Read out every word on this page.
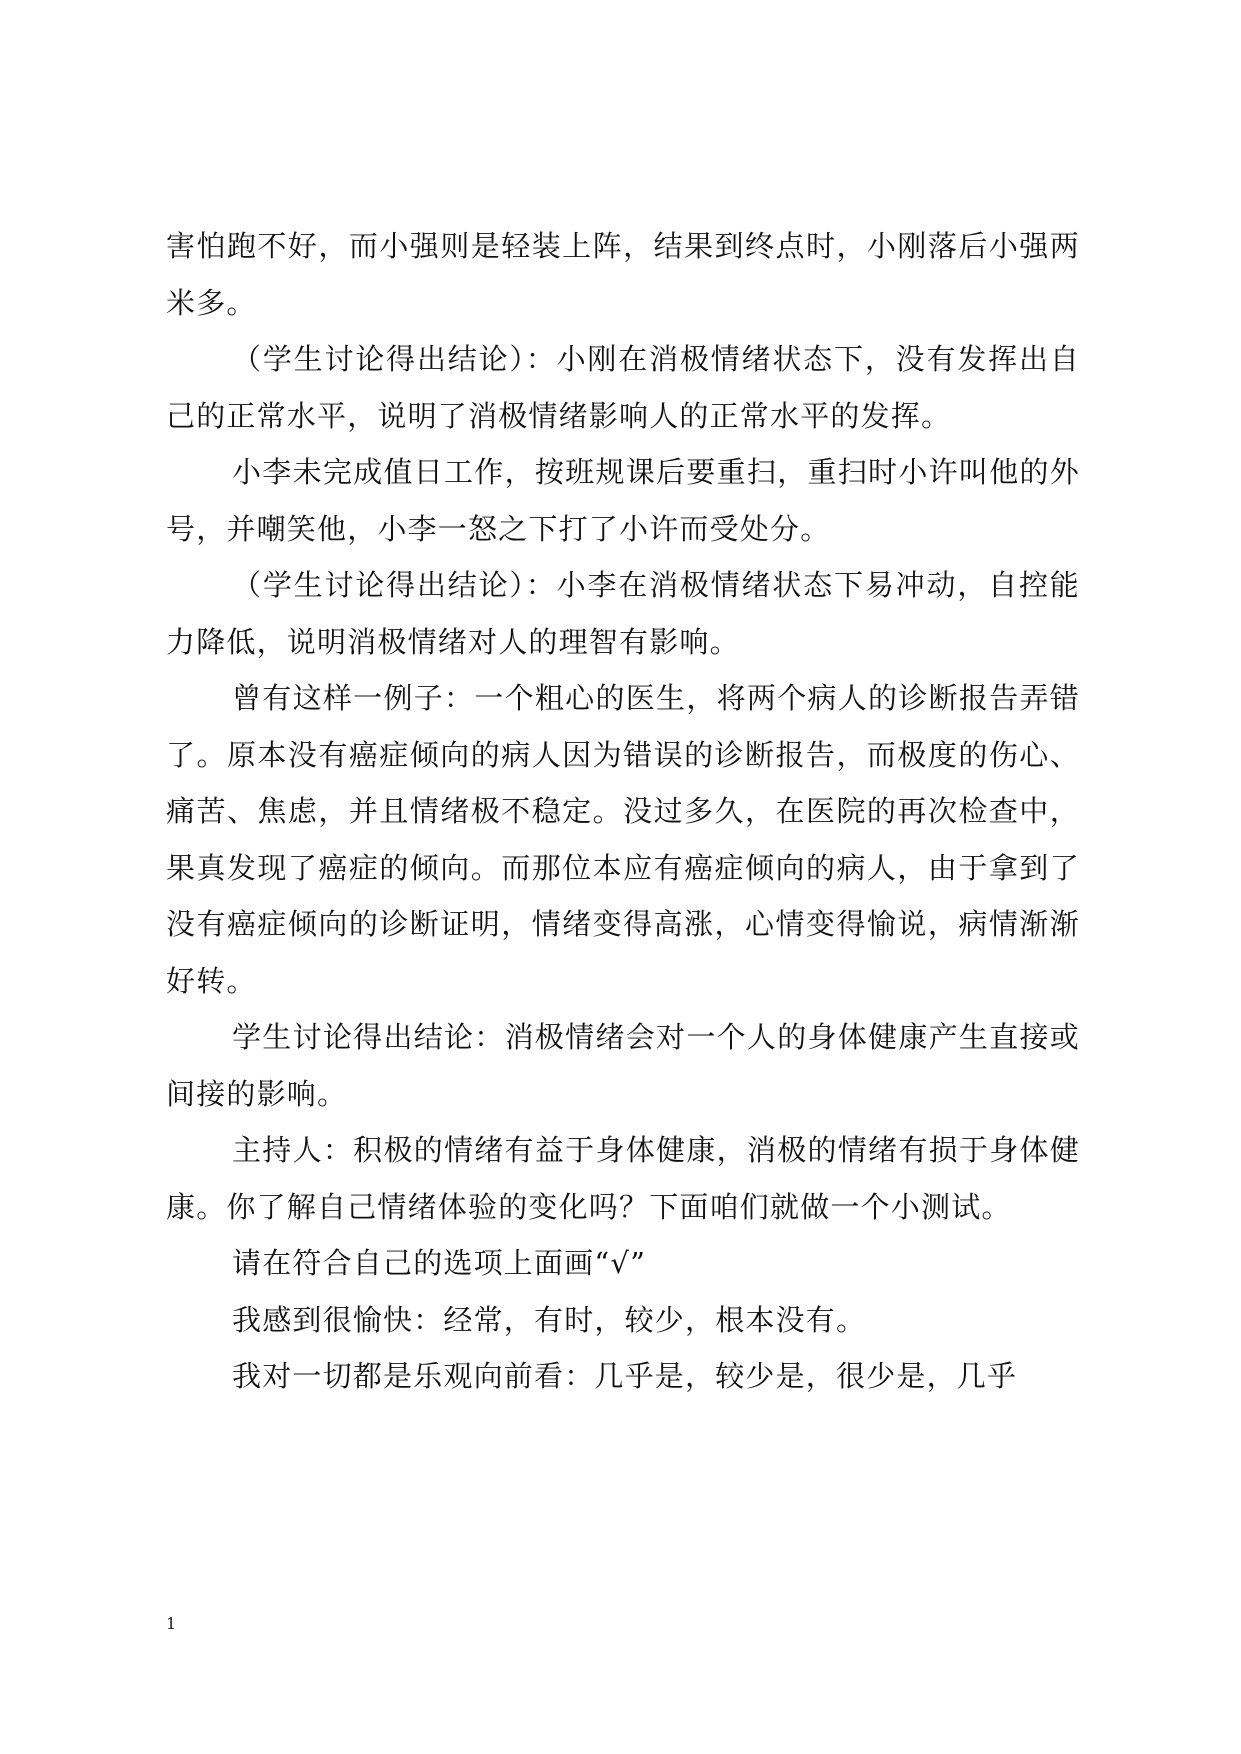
害怕跑不好，而小强则是轻装上阵，结果到终点时，小刚落后小强两米多。

（学生讨论得出结论）：小刚在消极情绪状态下，没有发挥出自己的正常水平，说明了消极情绪影响人的正常水平的发挥。

小李未完成值日工作，按班规课后要重扫，重扫时小许叫他的外号，并嘲笑他，小李一怒之下打了小许而受处分。

（学生讨论得出结论）：小李在消极情绪状态下易冲动，自控能力降低，说明消极情绪对人的理智有影响。

曾有这样一例子：一个粗心的医生，将两个病人的诊断报告弄错了。原本没有癌症倾向的病人因为错误的诊断报告，而极度的伤心、痛苦、焦虑，并且情绪极不稳定。没过多久，在医院的再次检查中，果真发现了癌症的倾向。而那位本应有癌症倾向的病人，由于拿到了没有癌症倾向的诊断证明，情绪变得高涨，心情变得愉说，病情渐渐好转。

学生讨论得出结论：消极情绪会对一个人的身体健康产生直接或间接的影响。

主持人：积极的情绪有益于身体健康，消极的情绪有损于身体健康。你了解自己情绪体验的变化吗？下面咱们就做一个小测试。

请在符合自己的选项上面画“√”

我感到很愉快：经常，有时，较少，根本没有。

我对一切都是乐观向前看：几乎是，较少是，很少是，几乎

1
